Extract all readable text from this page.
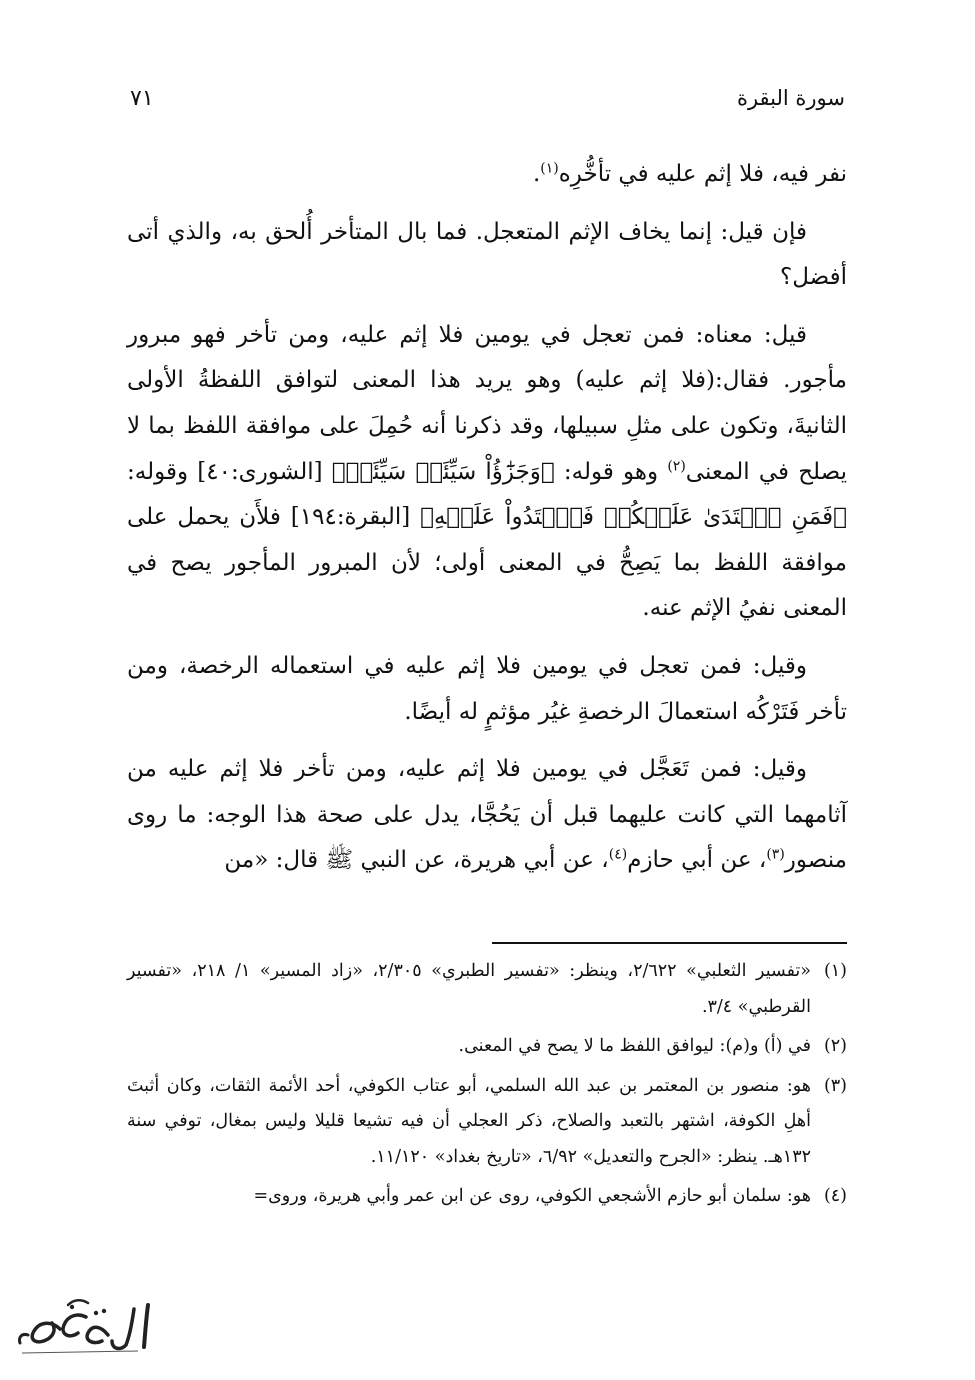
سورة البقرة
٧١

نفر فيه، فلا إثم عليه في تأخُّرِه$^{(١)}$.

فإن قيل: إنما يخاف الإثم المتعجل. فما بال المتأخر أُلحق به، والذي أتى أفضل؟

قيل: معناه: فمن تعجل في يومين فلا إثم عليه، ومن تأخر فهو مبرور مأجور. فقال:(فلا إثم عليه) وهو يريد هذا المعنى لتوافق اللفظةُ الأولى الثانيةَ، وتكون على مثلِ سبيلها، وقد ذكرنا أنه حُمِلَ على موافقة اللفظ بما لا يصلح في المعنى$^{(٢)}$ وهو قوله: ﴿وَجَزَٰٓؤُاْ سَيِّئَةٖ سَيِّئَةٞ﴾ [الشورى:٤٠] وقوله: ﴿فَمَنِ ٱعۡتَدَىٰ عَلَيۡكُمۡ فَٱعۡتَدُواْ عَلَيۡهِ﴾ [البقرة:١٩٤] فلأَن يحمل على موافقة اللفظ بما يَصِحُّ في المعنى أولى؛ لأن المبرور المأجور يصح في المعنى نفيُ الإثم عنه.

وقيل: فمن تعجل في يومين فلا إثم عليه في استعماله الرخصة، ومن تأخر فَتَرْكُه استعمالَ الرخصةِ غيُر مؤثمٍ له أيضًا.

وقيل: فمن تَعَجَّل في يومين فلا إثم عليه، ومن تأخر فلا إثم عليه من آثامهما التي كانت عليهما قبل أن يَحُجَّا، يدل على صحة هذا الوجه: ما روى منصور$^{(٣)}$، عن أبي حازم$^{(٤)}$، عن أبي هريرة، عن النبي ﷺ قال: «من

(١)
«تفسير الثعلبي» ٢/٦٢٢، وينظر: «تفسير الطبري» ٢/٣٠٥، «زاد المسير» ١/ ٢١٨، «تفسير القرطبي» ٣/٤.
(٢)
في (أ) و(م): ليوافق اللفظ ما لا يصح في المعنى.
(٣)
هو: منصور بن المعتمر بن عبد الله السلمي، أبو عتاب الكوفي، أحد الأئمة الثقات، وكان أثبتَ أهلِ الكوفة، اشتهر بالتعبد والصلاح، ذكر العجلي أن فيه تشيعا قليلا وليس بمغال، توفي سنة ١٣٢هـ. ينظر: «الجرح والتعديل» ٦/٩٢، «تاريخ بغداد» ١١/١٢٠.
(٤)
هو: سلمان أبو حازم الأشجعي الكوفي، روى عن ابن عمر وأبي هريرة، وروى=
